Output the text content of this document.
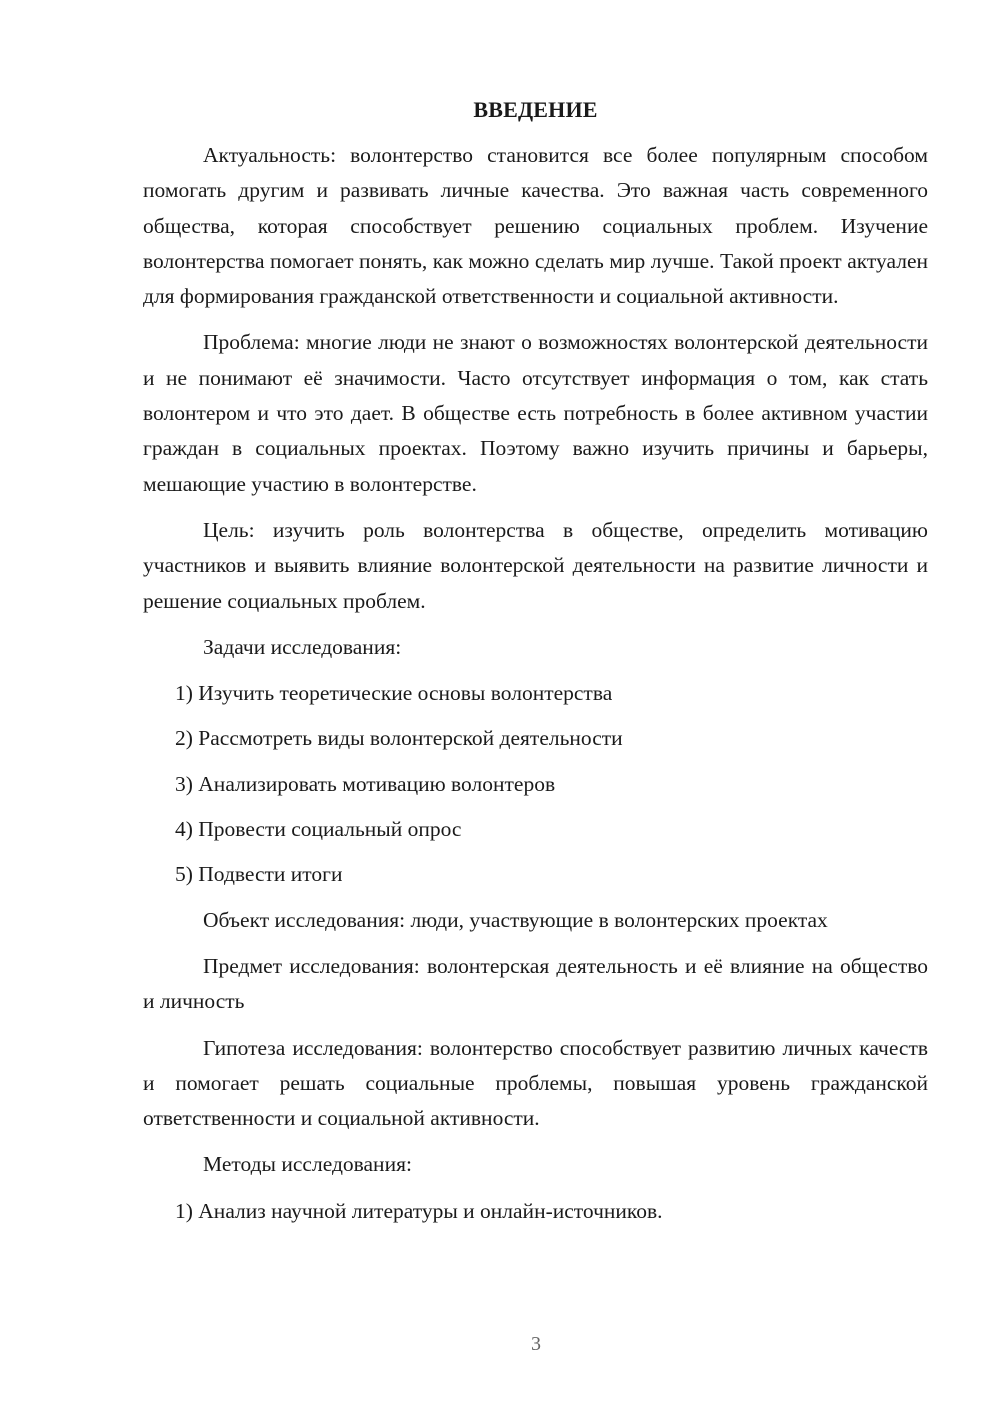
ВВЕДЕНИЕ

Актуальность: волонтерство становится все более популярным способом помогать другим и развивать личные качества. Это важная часть современного общества, которая способствует решению социальных проблем. Изучение волонтерства помогает понять, как можно сделать мир лучше. Такой проект актуален для формирования гражданской ответственности и социальной активности.

Проблема: многие люди не знают о возможностях волонтерской деятельности и не понимают её значимости. Часто отсутствует информация о том, как стать волонтером и что это дает. В обществе есть потребность в более активном участии граждан в социальных проектах. Поэтому важно изучить причины и барьеры, мешающие участию в волонтерстве.

Цель: изучить роль волонтерства в обществе, определить мотивацию участников и выявить влияние волонтерской деятельности на развитие личности и решение социальных проблем.

Задачи исследования:

1) Изучить теоретические основы волонтерства
2) Рассмотреть виды волонтерской деятельности
3) Анализировать мотивацию волонтеров
4) Провести социальный опрос
5) Подвести итоги

Объект исследования: люди, участвующие в волонтерских проектах

Предмет исследования: волонтерская деятельность и её влияние на общество и личность

Гипотеза исследования: волонтерство способствует развитию личных качеств и помогает решать социальные проблемы, повышая уровень гражданской ответственности и социальной активности.

Методы исследования:

1) Анализ научной литературы и онлайн-источников.
3
